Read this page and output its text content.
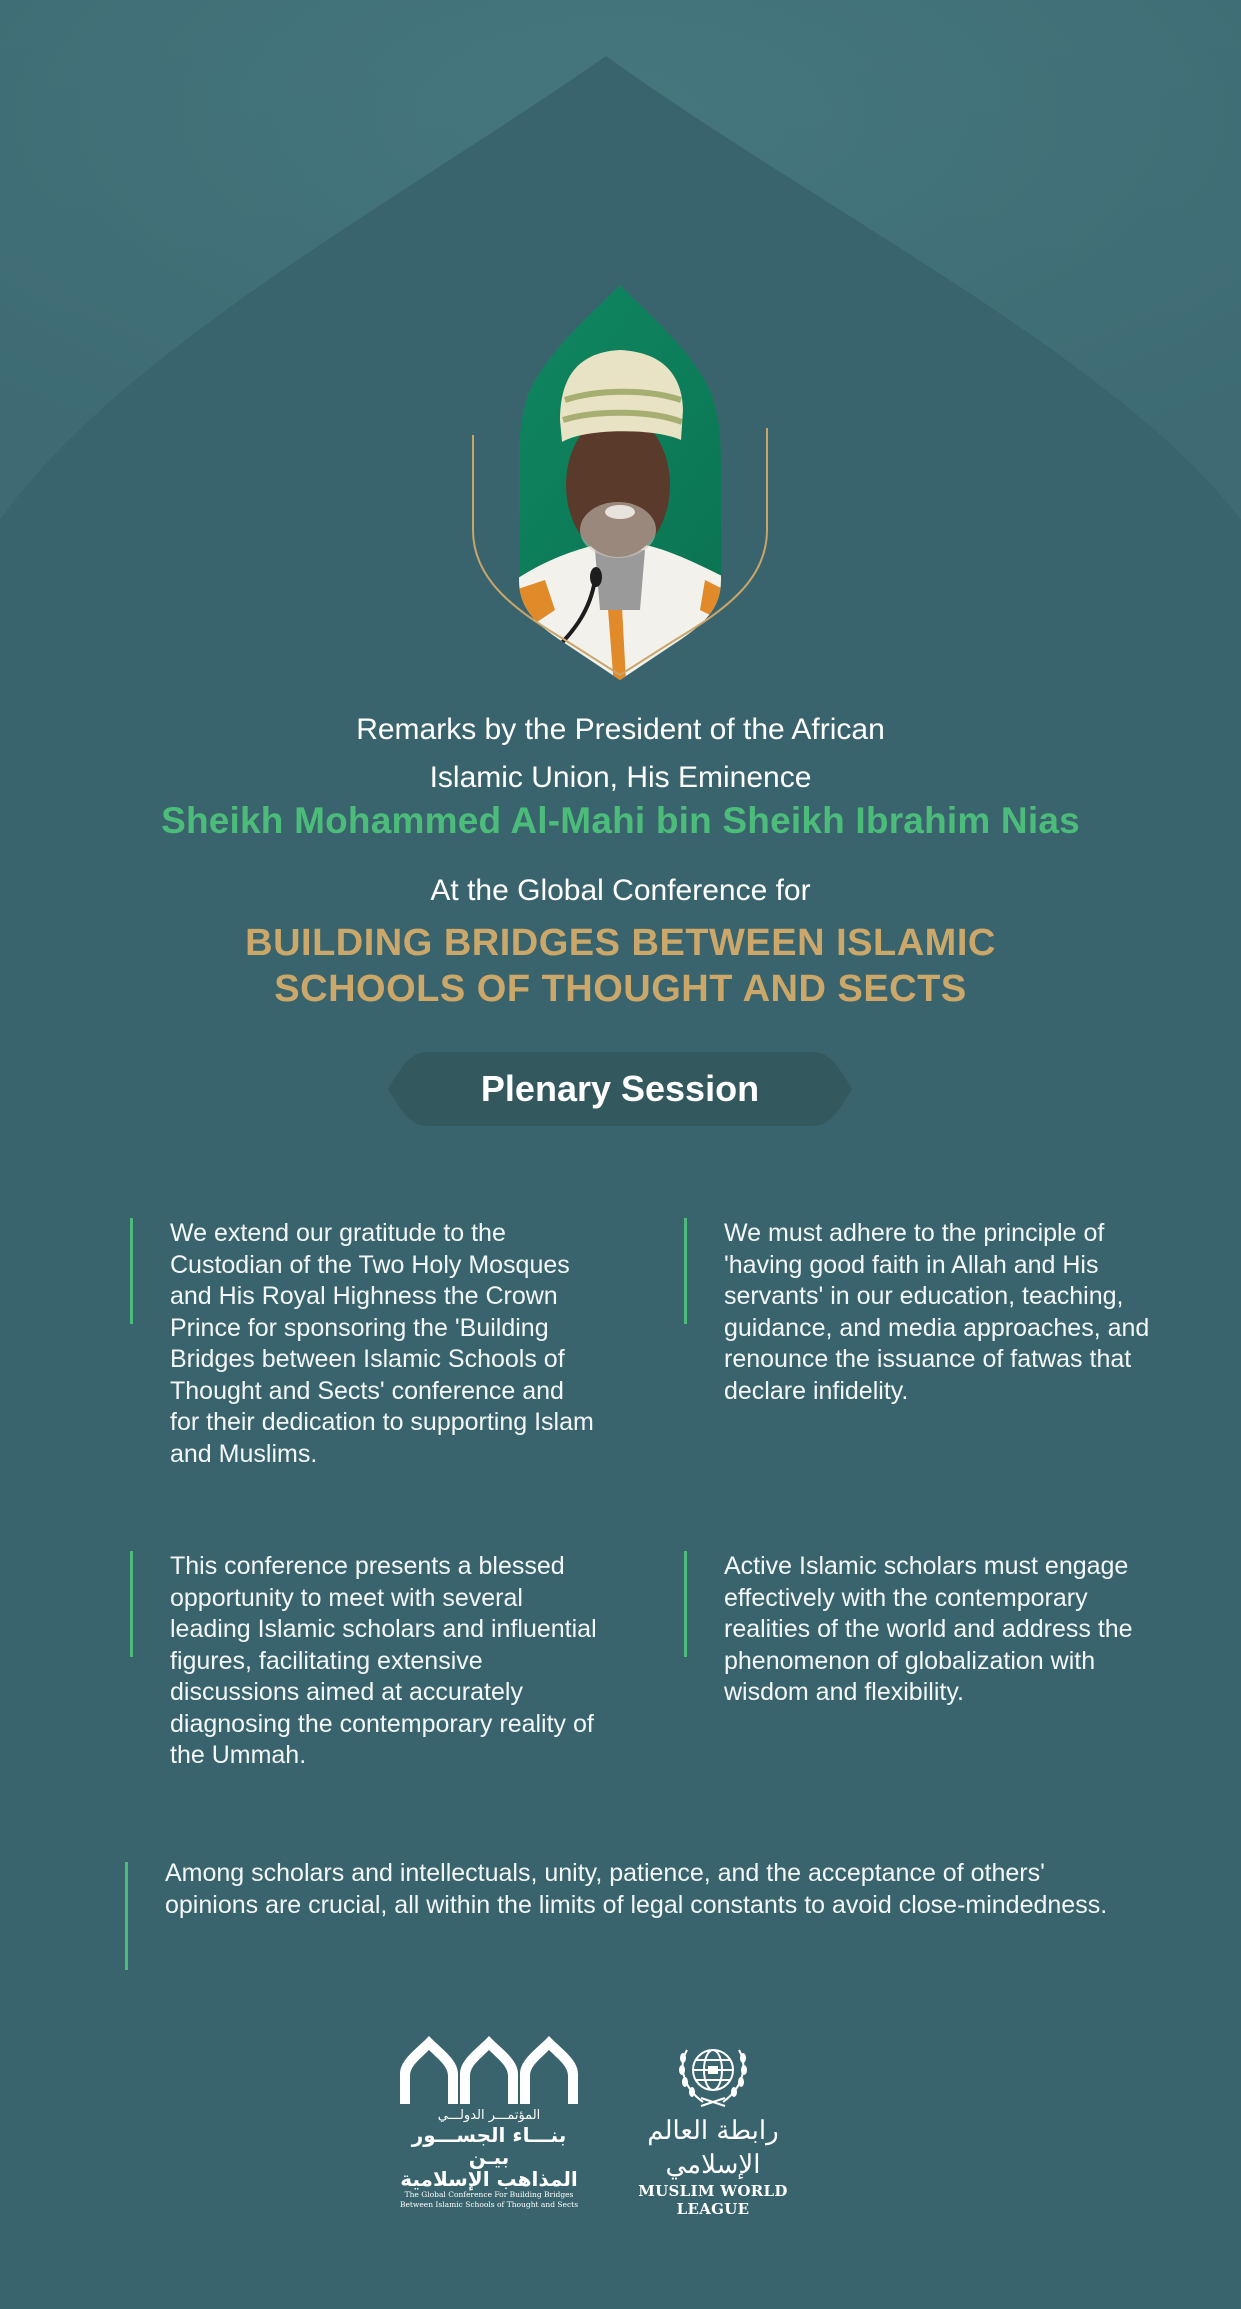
Remarks by the President of the African
Islamic Union, His Eminence
Sheikh Mohammed Al-Mahi bin Sheikh Ibrahim Nias
At the Global Conference for
BUILDING BRIDGES BETWEEN ISLAMIC
SCHOOLS OF THOUGHT AND SECTS
Plenary Session
We extend our gratitude to the Custodian of the Two Holy Mosques and His Royal Highness the Crown Prince for sponsoring the 'Building Bridges between Islamic Schools of Thought and Sects' conference and for their dedication to supporting Islam and Muslims.
We must adhere to the principle of 'having good faith in Allah and His servants' in our education, teaching, guidance, and media approaches, and renounce the issuance of fatwas that declare infidelity.
This conference presents a blessed opportunity to meet with several leading Islamic scholars and influential figures, facilitating extensive discussions aimed at accurately diagnosing the contemporary reality of the Ummah.
Active Islamic scholars must engage effectively with the contemporary realities of the world and address the phenomenon of globalization with wisdom and flexibility.
Among scholars and intellectuals, unity, patience, and the acceptance of others' opinions are crucial, all within the limits of legal constants to avoid close-mindedness.
المؤتمـــر الدولـــي
بنـــاء الجســـور بيـن
المذاهب الإسلامية
The Global Conference For Building Bridges
Between Islamic Schools of Thought and Sects
رابطة العالم الإسلامي
MUSLIM WORLD LEAGUE
